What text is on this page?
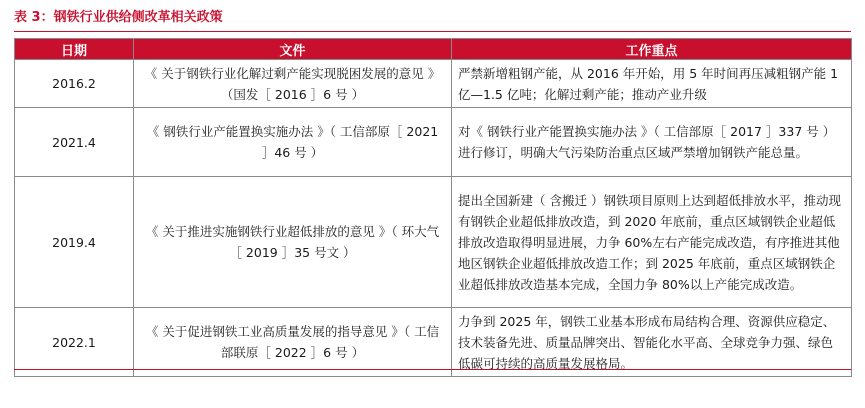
表 3：钢铁行业供给侧改革相关政策
日期	文件	工作重点
2016.2	《 关于钢铁行业化解过剩产能实现脱困发展的意见 》（国发［ 2016 ］6 号 ）	严禁新增粗钢产能，从 2016 年开始，用 5 年时间再压减粗钢产能 1 亿—1.5 亿吨；化解过剩产能；推动产业升级
2021.4	《 钢铁行业产能置换实施办法 》（ 工信部原［ 2021 ］46 号 ）	对《 钢铁行业产能置换实施办法 》（ 工信部原［ 2017 ］337 号 ）进行修订，明确大气污染防治重点区域严禁增加钢铁产能总量。
2019.4	《 关于推进实施钢铁行业超低排放的意见 》（ 环大气［ 2019 ］35 号文 ）	提出全国新建（ 含搬迁 ）钢铁项目原则上达到超低排放水平，推动现有钢铁企业超低排放改造，到 2020 年底前，重点区域钢铁企业超低排放改造取得明显进展，力争 60%左右产能完成改造，有序推进其他地区钢铁企业超低排放改造工作；到 2025 年底前，重点区域钢铁企业超低排放改造基本完成，全国力争 80%以上产能完成改造。
2022.1	《 关于促进钢铁工业高质量发展的指导意见 》（ 工信部联原［ 2022 ］6 号 ）	力争到 2025 年，钢铁工业基本形成布局结构合理、资源供应稳定、技术装备先进、质量品牌突出、智能化水平高、全球竞争力强、绿色低碳可持续的高质量发展格局。
